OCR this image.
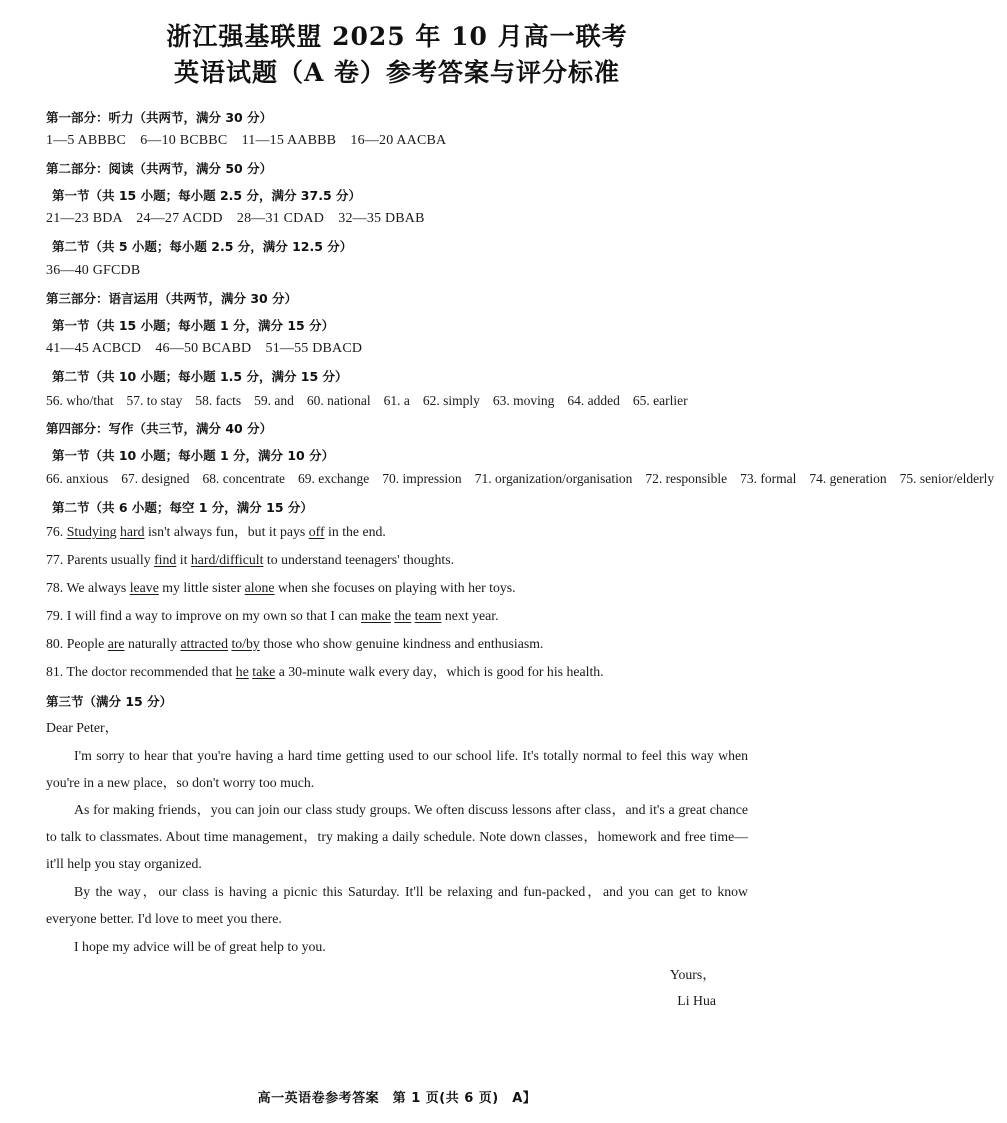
浙江强基联盟 2025 年 10 月高一联考
英语试题（A 卷）参考答案与评分标准
第一部分：听力（共两节，满分 30 分）
1—5 ABBBC　6—10 BCBBC　11—15 AABBB　16—20 AACBA
第二部分：阅读（共两节，满分 50 分）
第一节（共 15 小题；每小题 2.5 分，满分 37.5 分）
21—23 BDA　24—27 ACDD　28—31 CDAD　32—35 DBAB
第二节（共 5 小题；每小题 2.5 分，满分 12.5 分）
36—40 GFCDB
第三部分：语言运用（共两节，满分 30 分）
第一节（共 15 小题；每小题 1 分，满分 15 分）
41—45 ACBCD　46—50 BCABD　51—55 DBACD
第二节（共 10 小题；每小题 1.5 分，满分 15 分）
56. who/that 57. to stay 58. facts 59. and 60. national 61. a 62. simply 63. moving 64. added 65. earlier
第四部分：写作（共三节，满分 40 分）
第一节（共 10 小题；每小题 1 分，满分 10 分）
66. anxious 67. designed 68. concentrate 69. exchange 70. impression 71. organization/organisation 72. responsible 73. formal 74. generation 75. senior/elderly
第二节（共 6 小题；每空 1 分，满分 15 分）
76. Studying hard isn't always fun，but it pays off in the end.
77. Parents usually find it hard/difficult to understand teenagers' thoughts.
78. We always leave my little sister alone when she focuses on playing with her toys.
79. I will find a way to improve on my own so that I can make the team next year.
80. People are naturally attracted to/by those who show genuine kindness and enthusiasm.
81. The doctor recommended that he take a 30-minute walk every day，which is good for his health.
第三节（满分 15 分）
Dear Peter，
I'm sorry to hear that you're having a hard time getting used to our school life. It's totally normal to feel this way when you're in a new place，so don't worry too much.
As for making friends，you can join our class study groups. We often discuss lessons after class，and it's a great chance to talk to classmates. About time management，try making a daily schedule. Note down classes，homework and free time—it'll help you stay organized.
By the way，our class is having a picnic this Saturday. It'll be relaxing and fun-packed，and you can get to know everyone better. I'd love to meet you there.
I hope my advice will be of great help to you.
Yours，
Li Hua
高一英语卷参考答案　第 1 页(共 6 页)　A】
